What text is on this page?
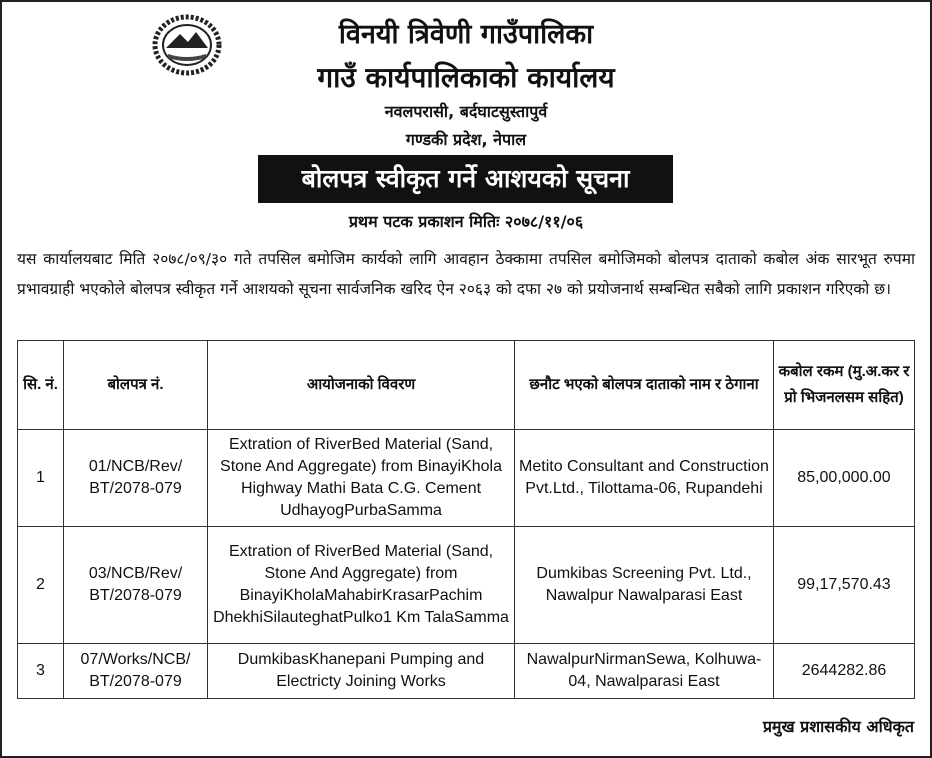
विनयी त्रिवेणी गाउँपालिका
गाउँ कार्यपालिकाको कार्यालय
नवलपरासी, बर्दघाटसुस्तापुर्व
गण्डकी प्रदेश, नेपाल
बोलपत्र स्वीकृत गर्ने आशयको सूचना
प्रथम पटक प्रकाशन मितिः २०७८/११/०६
यस कार्यालयबाट मिति २०७८/०९/३० गते तपसिल बमोजिम कार्यको लागि आवहान ठेक्कामा तपसिल बमोजिमको बोलपत्र दाताको कबोल अंक सारभूत रुपमा प्रभावग्राही भएकोले बोलपत्र स्वीकृत गर्ने आशयको सूचना सार्वजनिक खरिद ऐन २०६३ को दफा २७ को प्रयोजनार्थ सम्बन्धित सबैको लागि प्रकाशन गरिएको छ।
सि. नं.	बोलपत्र नं.	आयोजनाको विवरण	छनौट भएको बोलपत्र दाताको नाम र ठेगाना	कबोल रकम (मु.अ.कर र प्रो भिजनलसम सहित)
1	01/NCB/Rev/ BT/2078-079	Extration of RiverBed Material (Sand, Stone And Aggregate) from BinayiKhola Highway Mathi Bata C.G. Cement UdhayogPurbaSamma	Metito Consultant and Construction Pvt.Ltd., Tilottama-06, Rupandehi	85,00,000.00
2	03/NCB/Rev/ BT/2078-079	Extration of RiverBed Material (Sand, Stone And Aggregate) from BinayiKholaMahabirKrasarPachim DhekhiSilauteghatPulko1 Km TalaSamma	Dumkibas Screening Pvt. Ltd., Nawalpur Nawalparasi East	99,17,570.43
3	07/Works/NCB/ BT/2078-079	DumkibasKhanepani Pumping and Electricty Joining Works	NawalpurNirmanSewa, Kolhuwa-04, Nawalparasi East	2644282.86
प्रमुख प्रशासकीय अधिकृत
